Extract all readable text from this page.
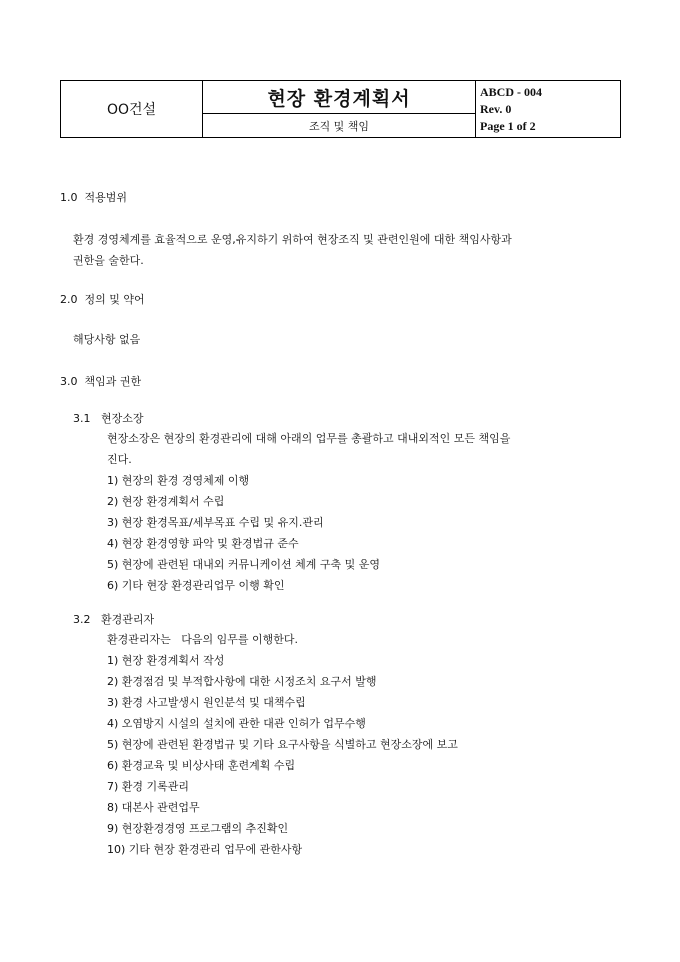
OO건설	현장 환경계획서	ABCD - 004
Rev. 0
Page 1 of 2

조직 및 책임
1.0 적용범위
환경 경영체계를 효율적으로 운영,유지하기 위하여 현장조직 및 관련인원에 대한 책임사항과
권한을 술한다.
2.0 정의 및 약어
해당사항 없음
3.0 책임과 권한
3.1 현장소장
현장소장은 현장의 환경관리에 대해 아래의 업무를 총괄하고 대내외적인 모든 책임을
진다.
1) 현장의 환경 경영체제 이행
2) 현장 환경계획서 수립
3) 현장 환경목표/세부목표 수립 및 유지.관리
4) 현장 환경영향 파악 및 환경법규 준수
5) 현장에 관련된 대내외 커뮤니케이션 체계 구축 및 운영
6) 기타 현장 환경관리업무 이행 확인
3.2 환경관리자
환경관리자는   다음의 임무를 이행한다.
1) 현장 환경계획서 작성
2) 환경점검 및 부적합사항에 대한 시정조치 요구서 발행
3) 환경 사고발생시 원인분석 및 대책수립
4) 오염방지 시설의 설치에 관한 대관 인허가 업무수행
5) 현장에 관련된 환경법규 및 기타 요구사항을 식별하고 현장소장에 보고
6) 환경교육 및 비상사태 훈련계획 수립
7) 환경 기록관리
8) 대본사 관련업무
9) 현장환경경영 프로그램의 추진확인
10) 기타 현장 환경관리 업무에 관한사항
